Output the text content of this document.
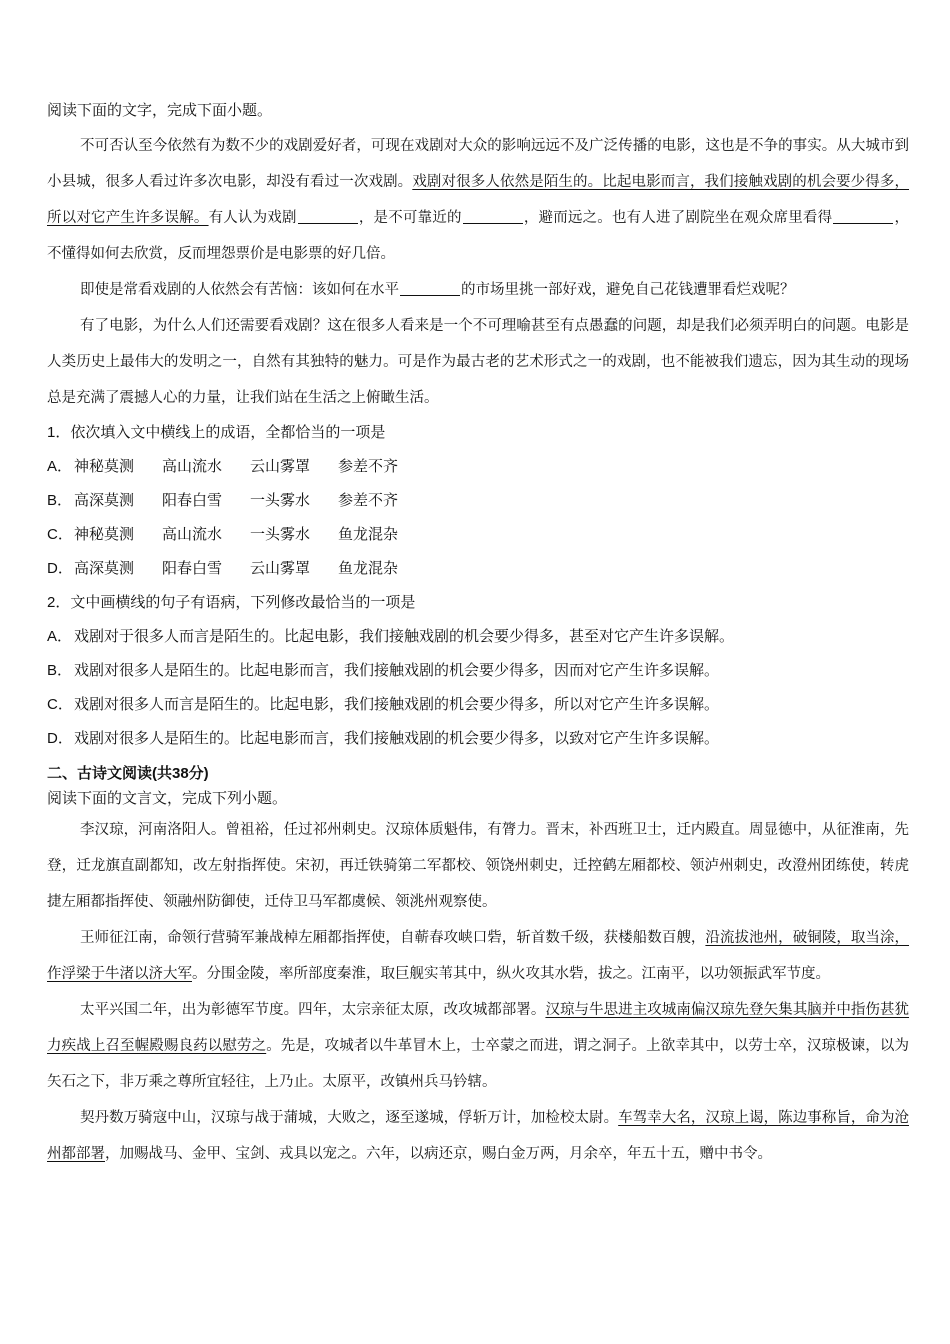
阅读下面的文字，完成下面小题。

不可否认至今依然有为数不少的戏剧爱好者，可现在戏剧对大众的影响远远不及广泛传播的电影，这也是不争的事实。从大城市到小县城，很多人看过许多次电影，却没有看过一次戏剧。戏剧对很多人依然是陌生的。比起电影而言，我们接触戏剧的机会要少得多，所以对它产生许多误解。有人认为戏剧	，是不可靠近的	，避而远之。也有人进了剧院坐在观众席里看得	，不懂得如何去欣赏，反而埋怨票价是电影票的好几倍。

即使是常看戏剧的人依然会有苦恼：该如何在水平	的市场里挑一部好戏，避免自己花钱遭罪看烂戏呢？

有了电影，为什么人们还需要看戏剧？这在很多人看来是一个不可理喻甚至有点愚蠢的问题，却是我们必须弄明白的问题。电影是人类历史上最伟大的发明之一，自然有其独特的魅力。可是作为最古老的艺术形式之一的戏剧，也不能被我们遗忘，因为其生动的现场总是充满了震撼人心的力量，让我们站在生活之上俯瞰生活。

1．依次填入文中横线上的成语，全都恰当的一项是
A． 神秘莫测 高山流水 云山雾罩 参差不齐
B． 高深莫测 阳春白雪 一头雾水 参差不齐
C．神秘莫测 高山流水 一头雾水 鱼龙混杂
D．高深莫测 阳春白雪 云山雾罩 鱼龙混杂
2．文中画横线的句子有语病，下列修改最恰当的一项是
A． 戏剧对于很多人而言是陌生的。比起电影，我们接触戏剧的机会要少得多，甚至对它产生许多误解。
B． 戏剧对很多人是陌生的。比起电影而言，我们接触戏剧的机会要少得多，因而对它产生许多误解。
C．戏剧对很多人而言是陌生的。比起电影，我们接触戏剧的机会要少得多，所以对它产生许多误解。
D．戏剧对很多人是陌生的。比起电影而言，我们接触戏剧的机会要少得多，以致对它产生许多误解。
二、古诗文阅读(共38分)
阅读下面的文言文，完成下列小题。

李汉琼，河南洛阳人。曾祖裕，任过祁州刺史。汉琼体质魁伟，有膂力。晋末，补西班卫士，迁内殿直。周显德中，从征淮南，先登，迁龙旗直副都知，改左射指挥使。宋初，再迁铁骑第二军都校、领饶州刺史，迁控鹤左厢都校、领泸州刺史，改澄州团练使，转虎捷左厢都指挥使、领融州防御使，迁侍卫马军都虞候、领洮州观察使。

王师征江南，命领行营骑军兼战棹左厢都指挥使，自蕲春攻峡口砦，斩首数千级，获楼船数百艘，沿流拔池州，破铜陵，取当涂，作浮梁于牛渚以济大军。分围金陵，率所部度秦淮，取巨舰实苇其中，纵火攻其水砦，拔之。江南平，以功领振武军节度。

太平兴国二年，出为彰德军节度。四年，太宗亲征太原，改攻城都部署。汉琼与牛思进主攻城南偏汉琼先登矢集其脑并中指伤甚犹力疾战上召至幄殿赐良药以慰劳之。先是，攻城者以牛革冒木上，士卒蒙之而进，谓之洞子。上欲幸其中，以劳士卒，汉琼极谏，以为矢石之下，非万乘之尊所宜轻往，上乃止。太原平，改镇州兵马钤辖。

契丹数万骑寇中山，汉琼与战于蒲城，大败之，逐至遂城，俘斩万计，加检校太尉。车驾幸大名，汉琼上谒，陈边事称旨，命为沧州都部署，加赐战马、金甲、宝剑、戎具以宠之。六年，以病还京，赐白金万两，月余卒，年五十五，赠中书令。
